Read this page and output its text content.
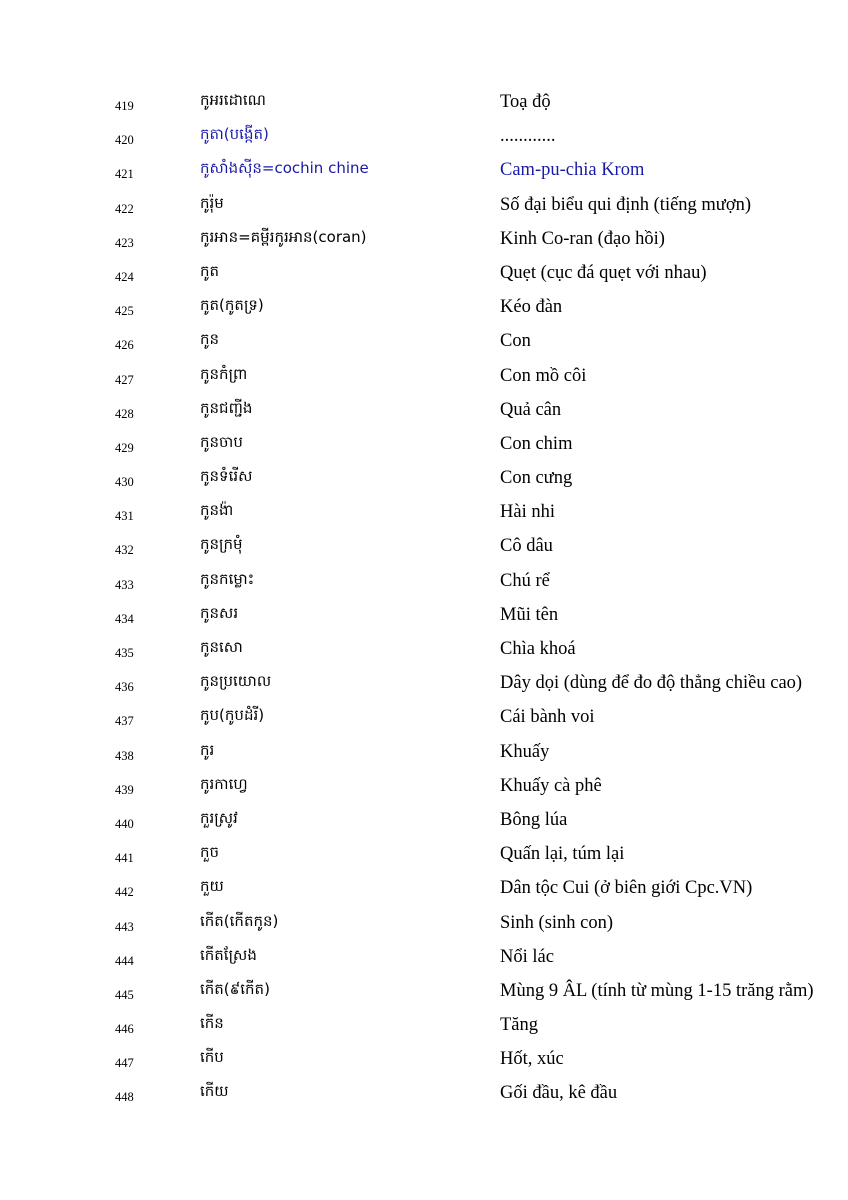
419	កូអរដោណេ	Toạ độ
420	កូតា(បង្កើត)	............
421	កូសាំងស៊ីន=cochin chine	Cam-pu-chia Krom
422	កូរ៉ុម	Số đại biểu qui định (tiếng mượn)
423	កូរអាន=គម្ពីរកូរអាន(coran)	Kinh Co-ran (đạo hồi)
424	កូត	Quẹt (cục đá quẹt với nhau)
425	កូត(កូតទ្រ)	Kéo đàn
426	កូន	Con
427	កូនកំព្រា	Con mồ côi
428	កូនជញ្ជីង	Quả cân
429	កូនចាប	Con chim
430	កូនទំរើស	Con cưng
431	កូនង៉ា	Hài nhi
432	កូនក្រមុំ	Cô dâu
433	កូនកម្លោះ	Chú rể
434	កូនសរ	Mũi tên
435	កូនសោ	Chìa khoá
436	កូនប្រយោល	Dây dọi (dùng để đo độ thẳng chiều cao)
437	កូប(កូបដំរី)	Cái bành voi
438	កូរ	Khuấy
439	កូរកាហ្វេ	Khuấy cà phê
440	កួរស្រូវ	Bông lúa
441	កួច	Quấn lại, túm lại
442	កួយ	Dân tộc Cui (ở biên giới Cpc.VN)
443	កើត(កើតកូន)	Sinh (sinh con)
444	កើតស្រែង	Nổi lác
445	កើត(៩កើត)	Mùng 9 ÂL (tính từ mùng 1-15 trăng rằm)
446	កើន	Tăng
447	កើប	Hốt, xúc
448	កើយ	Gối đầu, kê đầu
